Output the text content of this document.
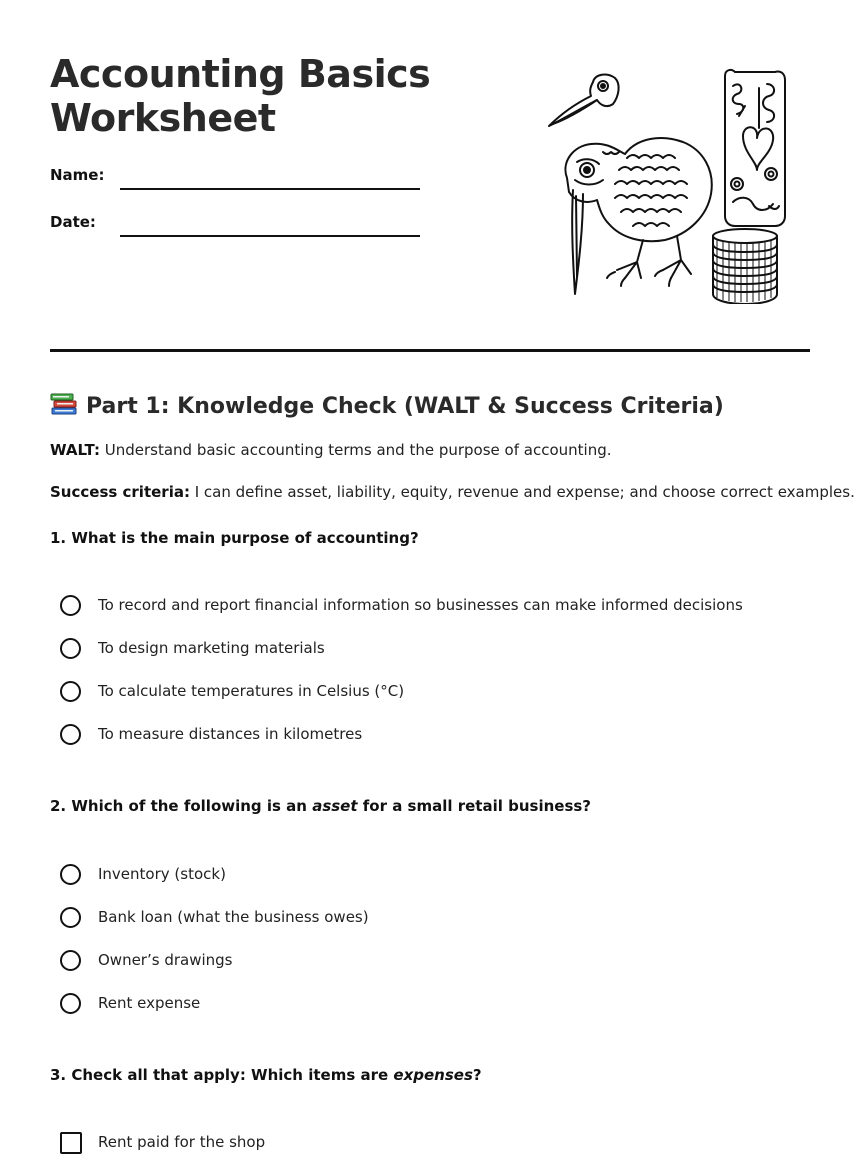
Accounting Basics
Worksheet
Name:
Date:
Part 1: Knowledge Check (WALT & Success Criteria)

WALT: Understand basic accounting terms and the purpose of accounting.

Success criteria: I can define asset, liability, equity, revenue and expense; and choose correct examples.

1. What is the main purpose of accounting?

To record and report financial information so businesses can make informed decisions
To design marketing materials
To calculate temperatures in Celsius (°C)
To measure distances in kilometres

2. Which of the following is an asset for a small retail business?

Inventory (stock)
Bank loan (what the business owes)
Owner’s drawings
Rent expense

3. Check all that apply: Which items are expenses?

Rent paid for the shop
